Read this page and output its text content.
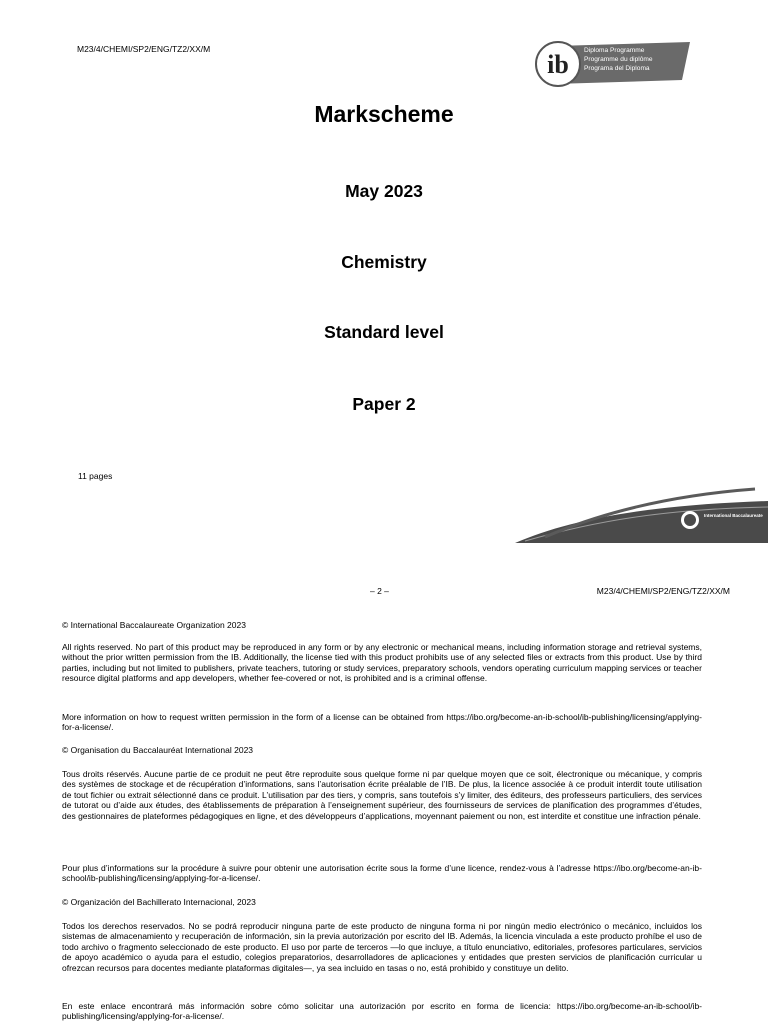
M23/4/CHEMI/SP2/ENG/TZ2/XX/M
ib Diploma Programme
Programme du diplôme
Programa del Diploma
Markscheme
May 2023
Chemistry
Standard level
Paper 2
11 pages
International Baccalaureate
– 2 –	M23/4/CHEMI/SP2/ENG/TZ2/XX/M

© International Baccalaureate Organization 2023

All rights reserved. No part of this product may be reproduced in any form or by any electronic or mechanical means, including information storage and retrieval systems, without the prior written permission from the IB. Additionally, the license tied with this product prohibits use of any selected files or extracts from this product. Use by third parties, including but not limited to publishers, private teachers, tutoring or study services, preparatory schools, vendors operating curriculum mapping services or teacher resource digital platforms and app developers, whether fee-covered or not, is prohibited and is a criminal offense.

More information on how to request written permission in the form of a license can be obtained from https://ibo.org/become-an-ib-school/ib-publishing/licensing/applying-for-a-license/.

© Organisation du Baccalauréat International 2023

Tous droits réservés. Aucune partie de ce produit ne peut être reproduite sous quelque forme ni par quelque moyen que ce soit, électronique ou mécanique, y compris des systèmes de stockage et de récupération d’informations, sans l’autorisation écrite préalable de l’IB. De plus, la licence associée à ce produit interdit toute utilisation de tout fichier ou extrait sélectionné dans ce produit. L’utilisation par des tiers, y compris, sans toutefois s’y limiter, des éditeurs, des professeurs particuliers, des services de tutorat ou d’aide aux études, des établissements de préparation à l’enseignement supérieur, des fournisseurs de services de planification des programmes d’études, des gestionnaires de plateformes pédagogiques en ligne, et des développeurs d’applications, moyennant paiement ou non, est interdite et constitue une infraction pénale.

Pour plus d’informations sur la procédure à suivre pour obtenir une autorisation écrite sous la forme d’une licence, rendez-vous à l’adresse https://ibo.org/become-an-ib-school/ib-publishing/licensing/applying-for-a-license/.

© Organización del Bachillerato Internacional, 2023

Todos los derechos reservados. No se podrá reproducir ninguna parte de este producto de ninguna forma ni por ningún medio electrónico o mecánico, incluidos los sistemas de almacenamiento y recuperación de información, sin la previa autorización por escrito del IB. Además, la licencia vinculada a este producto prohíbe el uso de todo archivo o fragmento seleccionado de este producto. El uso por parte de terceros —lo que incluye, a título enunciativo, editoriales, profesores particulares, servicios de apoyo académico o ayuda para el estudio, colegios preparatorios, desarrolladores de aplicaciones y entidades que presten servicios de planificación curricular u ofrezcan recursos para docentes mediante plataformas digitales—, ya sea incluido en tasas o no, está prohibido y constituye un delito.

En este enlace encontrará más información sobre cómo solicitar una autorización por escrito en forma de licencia: https://ibo.org/become-an-ib-school/ib-publishing/licensing/applying-for-a-license/.
